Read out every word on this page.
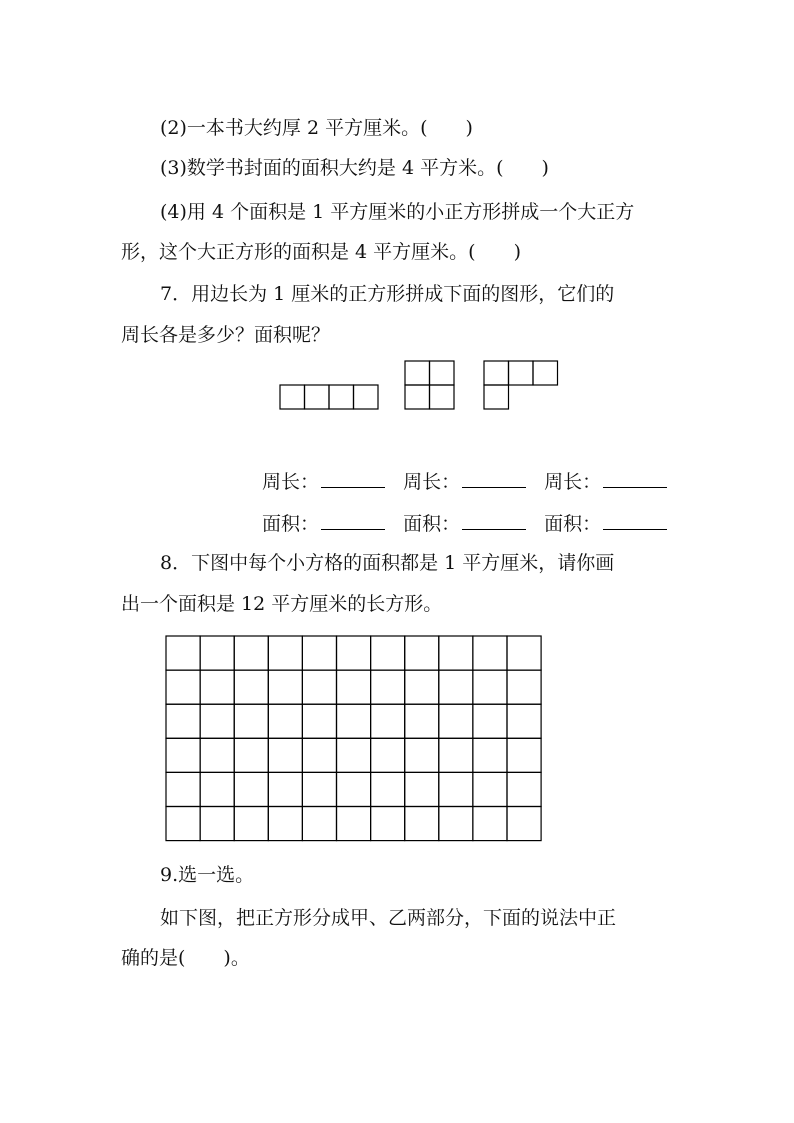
(2)一本书大约厚 2 平方厘米。(　　)
(3)数学书封面的面积大约是 4 平方米。(　　)
(4)用 4 个面积是 1 平方厘米的小正方形拼成一个大正方
形，这个大正方形的面积是 4 平方厘米。(　　)
7．用边长为 1 厘米的正方形拼成下面的图形，它们的
周长各是多少？面积呢？
周长：	周长：	周长：
面积：	面积：	面积：
8．下图中每个小方格的面积都是 1 平方厘米，请你画
出一个面积是 12 平方厘米的长方形。
9.选一选。
如下图，把正方形分成甲、乙两部分，下面的说法中正
确的是(　　)。
